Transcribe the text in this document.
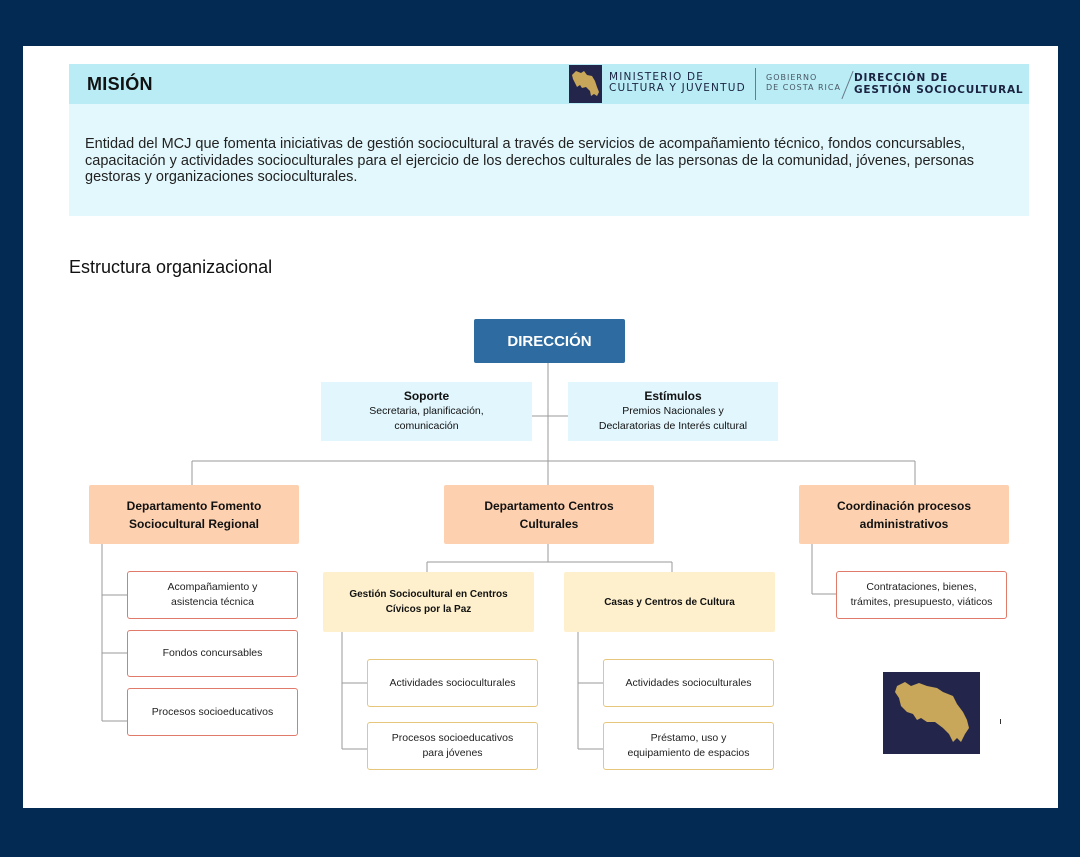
MISIÓN	MINISTERIO DE
CULTURA Y JUVENTUD
GOBIERNO
DE COSTA RICA
DIRECCIÓN DE
GESTIÓN SOCIOCULTURAL
Entidad del MCJ que fomenta iniciativas de gestión sociocultural a través de servicios de acompañamiento técnico, fondos concursables, capacitación y actividades socioculturales para el ejercicio de los derechos culturales de las personas de la comunidad, jóvenes, personas gestoras y organizaciones socioculturales.
Estructura organizacional
DIRECCIÓN
Soporte
Secretaria, planificación,
comunicación
Estímulos
Premios Nacionales y
Declaratorias de Interés cultural
Departamento Fomento
Sociocultural Regional
Departamento Centros
Culturales
Coordinación procesos
administrativos
Acompañamiento y
asistencia técnica
Fondos concursables
Procesos socioeducativos
Gestión Sociocultural en Centros
Cívicos por la Paz
Casas y Centros de Cultura
Actividades socioculturales
Procesos socioeducativos
para jóvenes
Actividades socioculturales
Préstamo, uso y
equipamiento de espacios
Contrataciones, bienes,
trámites, presupuesto, viáticos
